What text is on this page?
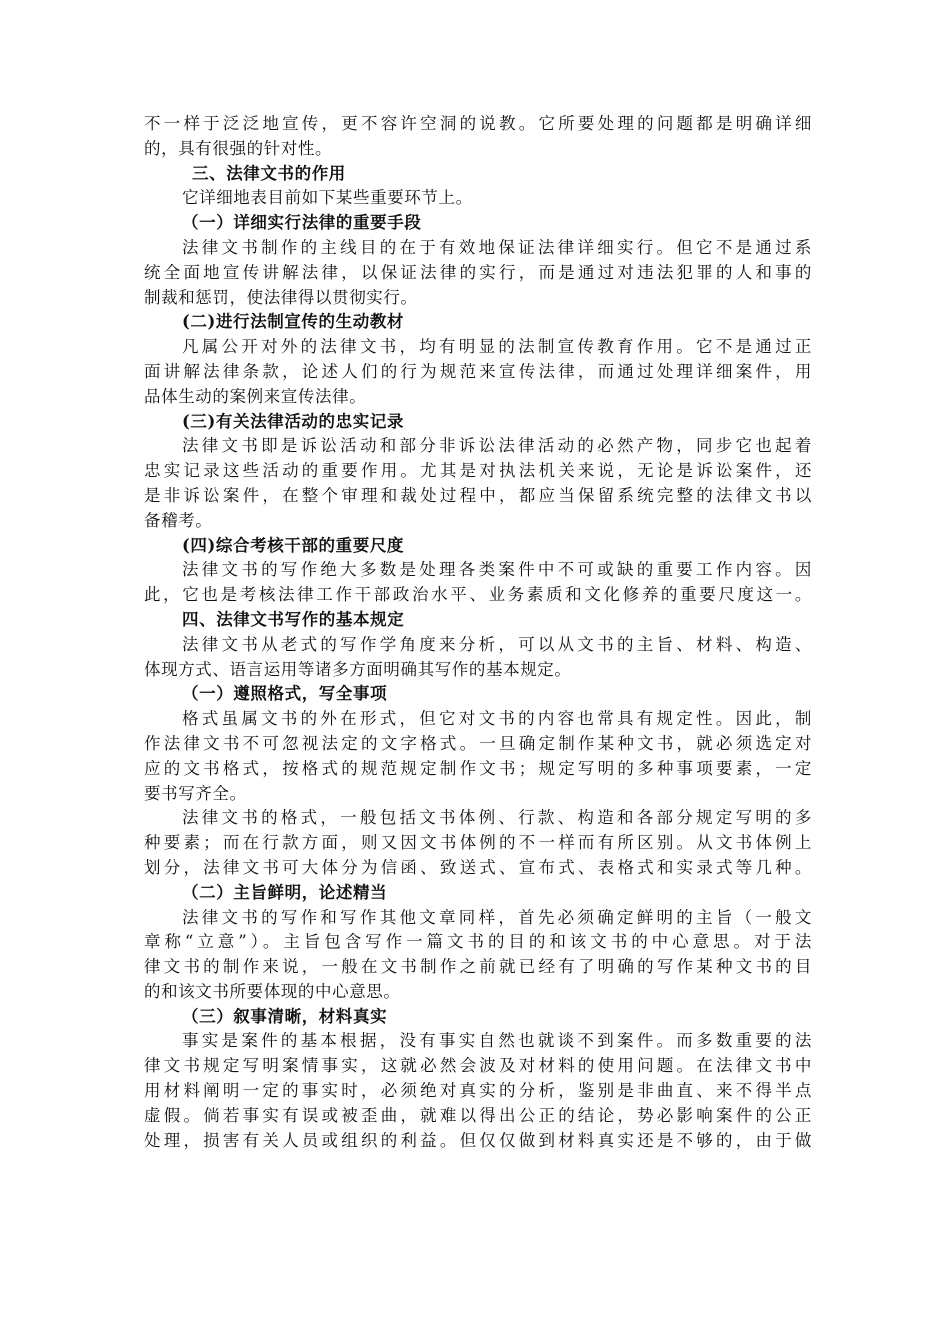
不一样于泛泛地宣传，更不容许空洞的说教。它所要处理的问题都是明确详细
的，具有很强的针对性。
三、法律文书的作用
它详细地表目前如下某些重要环节上。
（一）详细实行法律的重要手段
法律文书制作的主线目的在于有效地保证法律详细实行。但它不是通过系
统全面地宣传讲解法律，以保证法律的实行，而是通过对违法犯罪的人和事的
制裁和惩罚，使法律得以贯彻实行。
(二)进行法制宣传的生动教材
凡属公开对外的法律文书，均有明显的法制宣传教育作用。它不是通过正
面讲解法律条款，论述人们的行为规范来宣传法律，而通过处理详细案件，用
品体生动的案例来宣传法律。
(三)有关法律活动的忠实记录
法律文书即是诉讼活动和部分非诉讼法律活动的必然产物，同步它也起着
忠实记录这些活动的重要作用。尤其是对执法机关来说，无论是诉讼案件，还
是非诉讼案件，在整个审理和裁处过程中，都应当保留系统完整的法律文书以
备稽考。
(四)综合考核干部的重要尺度
法律文书的写作绝大多数是处理各类案件中不可或缺的重要工作内容。因
此，它也是考核法律工作干部政治水平、业务素质和文化修养的重要尺度这一。
四、法律文书写作的基本规定
法律文书从老式的写作学角度来分析，可以从文书的主旨、材料、构造、
体现方式、语言运用等诸多方面明确其写作的基本规定。
（一）遵照格式，写全事项
格式虽属文书的外在形式，但它对文书的内容也常具有规定性。因此，制
作法律文书不可忽视法定的文字格式。一旦确定制作某种文书，就必须选定对
应的文书格式，按格式的规范规定制作文书；规定写明的多种事项要素，一定
要书写齐全。
法律文书的格式，一般包括文书体例、行款、构造和各部分规定写明的多
种要素；而在行款方面，则又因文书体例的不一样而有所区别。从文书体例上
划分，法律文书可大体分为信函、致送式、宣布式、表格式和实录式等几种。
（二）主旨鲜明，论述精当
法律文书的写作和写作其他文章同样，首先必须确定鲜明的主旨（一般文
章称“立意”）。主旨包含写作一篇文书的目的和该文书的中心意思。对于法
律文书的制作来说，一般在文书制作之前就已经有了明确的写作某种文书的目
的和该文书所要体现的中心意思。
（三）叙事清晰，材料真实
事实是案件的基本根据，没有事实自然也就谈不到案件。而多数重要的法
律文书规定写明案情事实，这就必然会波及对材料的使用问题。在法律文书中
用材料阐明一定的事实时，必须绝对真实的分析，鉴别是非曲直、来不得半点
虚假。倘若事实有误或被歪曲，就难以得出公正的结论，势必影响案件的公正
处理，损害有关人员或组织的利益。但仅仅做到材料真实还是不够的，由于做
